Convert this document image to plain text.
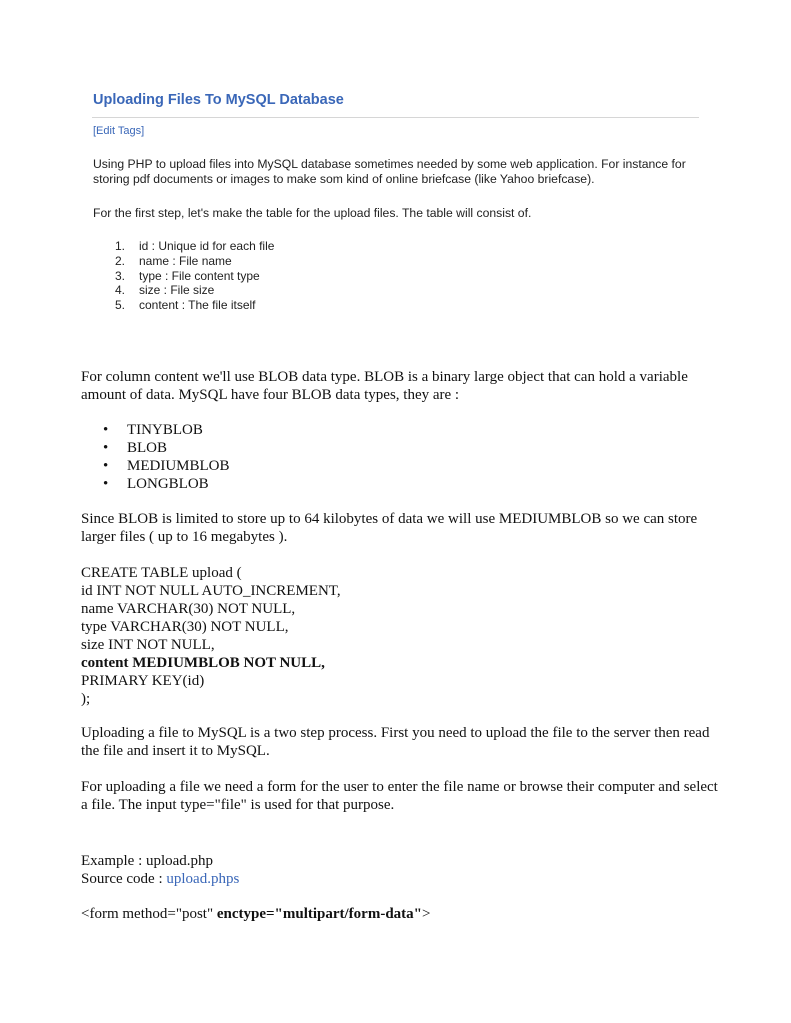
Uploading Files To MySQL Database
[Edit Tags]
Using PHP to upload files into MySQL database sometimes needed by some web application. For instance for storing pdf documents or images to make som kind of online briefcase (like Yahoo briefcase).
For the first step, let's make the table for the upload files. The table will consist of.
1. id : Unique id for each file
2. name : File name
3. type : File content type
4. size : File size
5. content : The file itself
For column content we'll use BLOB data type. BLOB is a binary large object that can hold a variable amount of data. MySQL have four BLOB data types, they are :
• TINYBLOB
• BLOB
• MEDIUMBLOB
• LONGBLOB
Since BLOB is limited to store up to 64 kilobytes of data we will use MEDIUMBLOB so we can store larger files ( up to 16 megabytes ).
CREATE TABLE upload (
id INT NOT NULL AUTO_INCREMENT,
name VARCHAR(30) NOT NULL,
type VARCHAR(30) NOT NULL,
size INT NOT NULL,
content MEDIUMBLOB NOT NULL,
PRIMARY KEY(id)
);
Uploading a file to MySQL is a two step process. First you need to upload the file to the server then read the file and insert it to MySQL.
For uploading a file we need a form for the user to enter the file name or browse their computer and select a file. The input type="file" is used for that purpose.
Example : upload.php
Source code : upload.phps
<form method="post" enctype="multipart/form-data">
